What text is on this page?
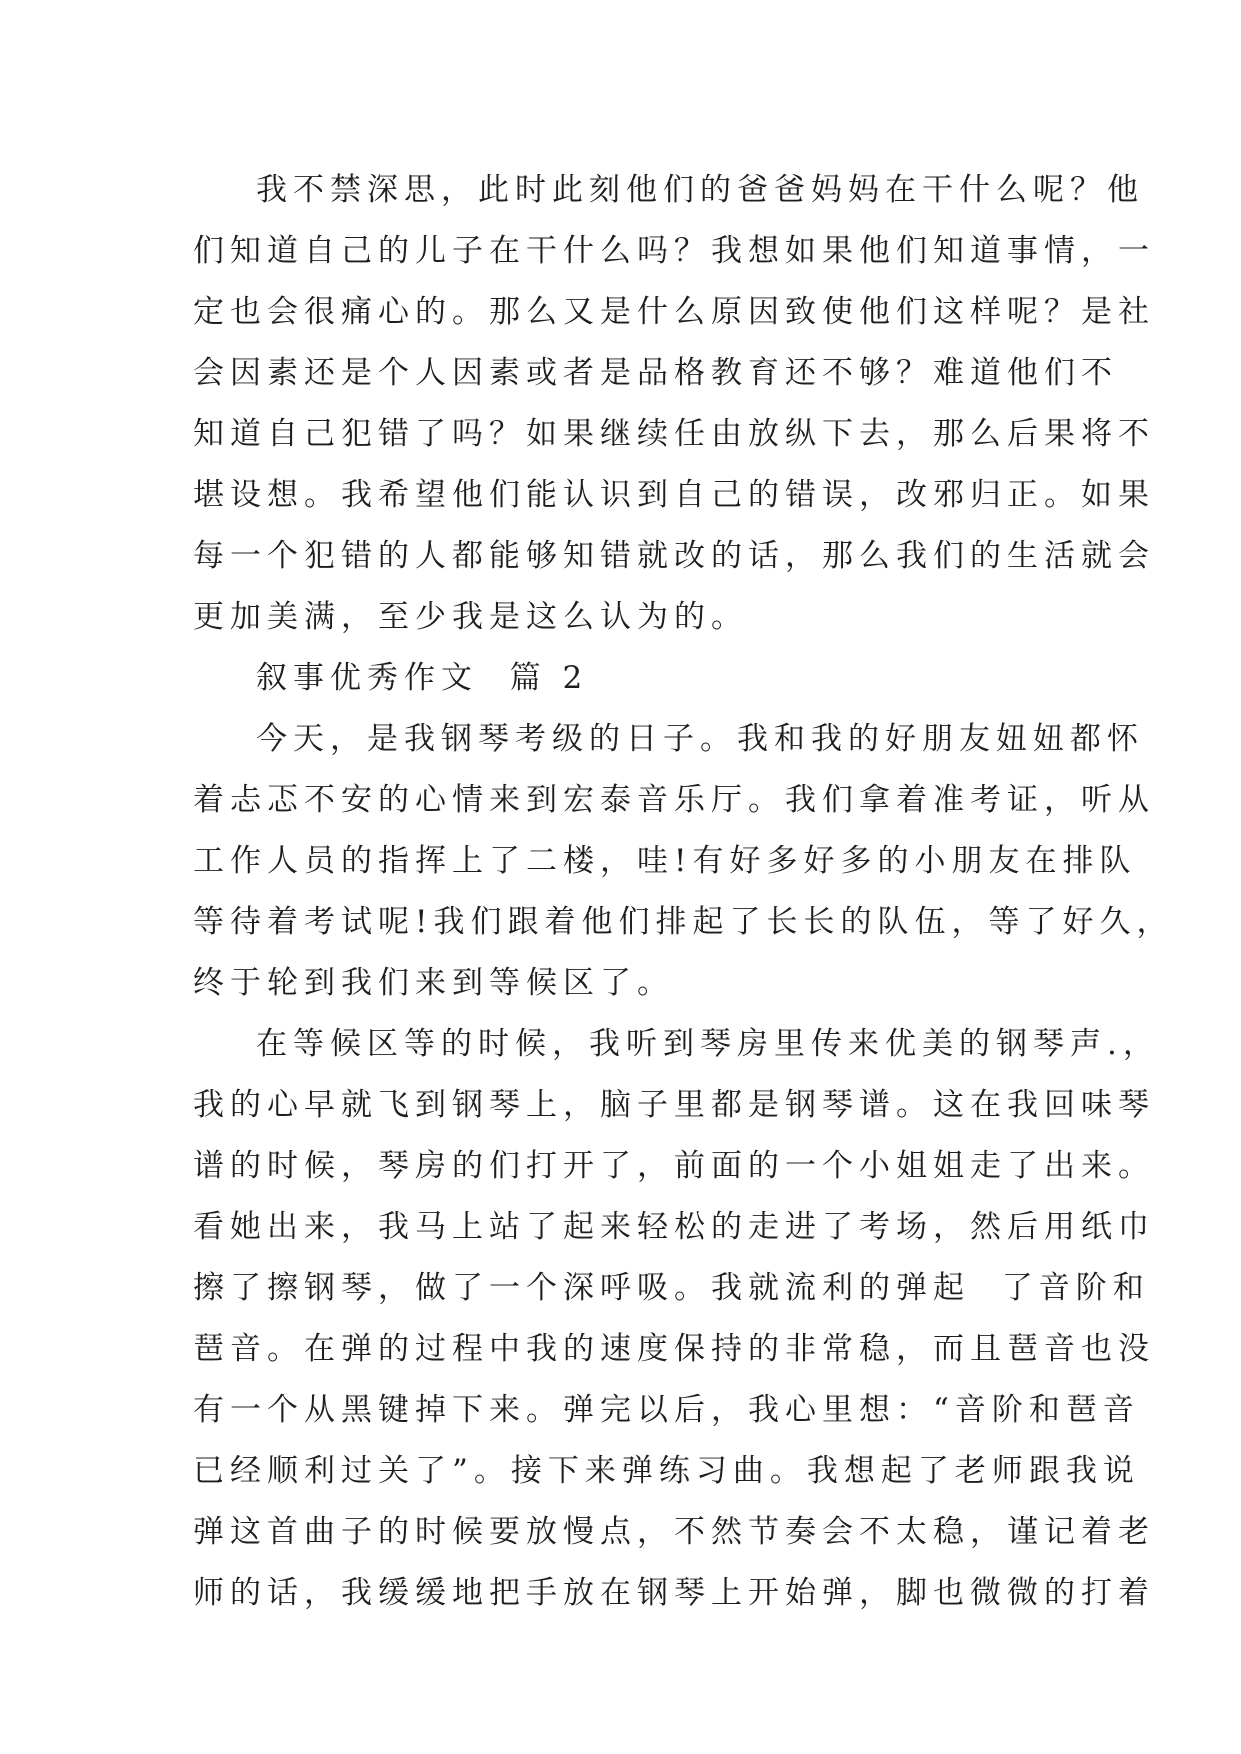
我不禁深思，此时此刻他们的爸爸妈妈在干什么呢？他
们知道自己的儿子在干什么吗？我想如果他们知道事情，一
定也会很痛心的。那么又是什么原因致使他们这样呢？是社
会因素还是个人因素或者是品格教育还不够？难道他们不
知道自己犯错了吗？如果继续任由放纵下去，那么后果将不
堪设想。我希望他们能认识到自己的错误，改邪归正。如果
每一个犯错的人都能够知错就改的话，那么我们的生活就会
更加美满，至少我是这么认为的。
叙事优秀作文  篇 2
今天，是我钢琴考级的日子。我和我的好朋友妞妞都怀
着忐忑不安的心情来到宏泰音乐厅。我们拿着准考证，听从
工作人员的指挥上了二楼，哇!有好多好多的小朋友在排队
等待着考试呢!我们跟着他们排起了长长的队伍，等了好久，
终于轮到我们来到等候区了。
在等候区等的时候，我听到琴房里传来优美的钢琴声.，
我的心早就飞到钢琴上，脑子里都是钢琴谱。这在我回味琴
谱的时候，琴房的们打开了，前面的一个小姐姐走了出来。
看她出来，我马上站了起来轻松的走进了考场，然后用纸巾
擦了擦钢琴，做了一个深呼吸。我就流利的弹起  了音阶和
琶音。在弹的过程中我的速度保持的非常稳，而且琶音也没
有一个从黑键掉下来。弹完以后，我心里想：“音阶和琶音
已经顺利过关了”。接下来弹练习曲。我想起了老师跟我说
弹这首曲子的时候要放慢点，不然节奏会不太稳，谨记着老
师的话，我缓缓地把手放在钢琴上开始弹，脚也微微的打着
